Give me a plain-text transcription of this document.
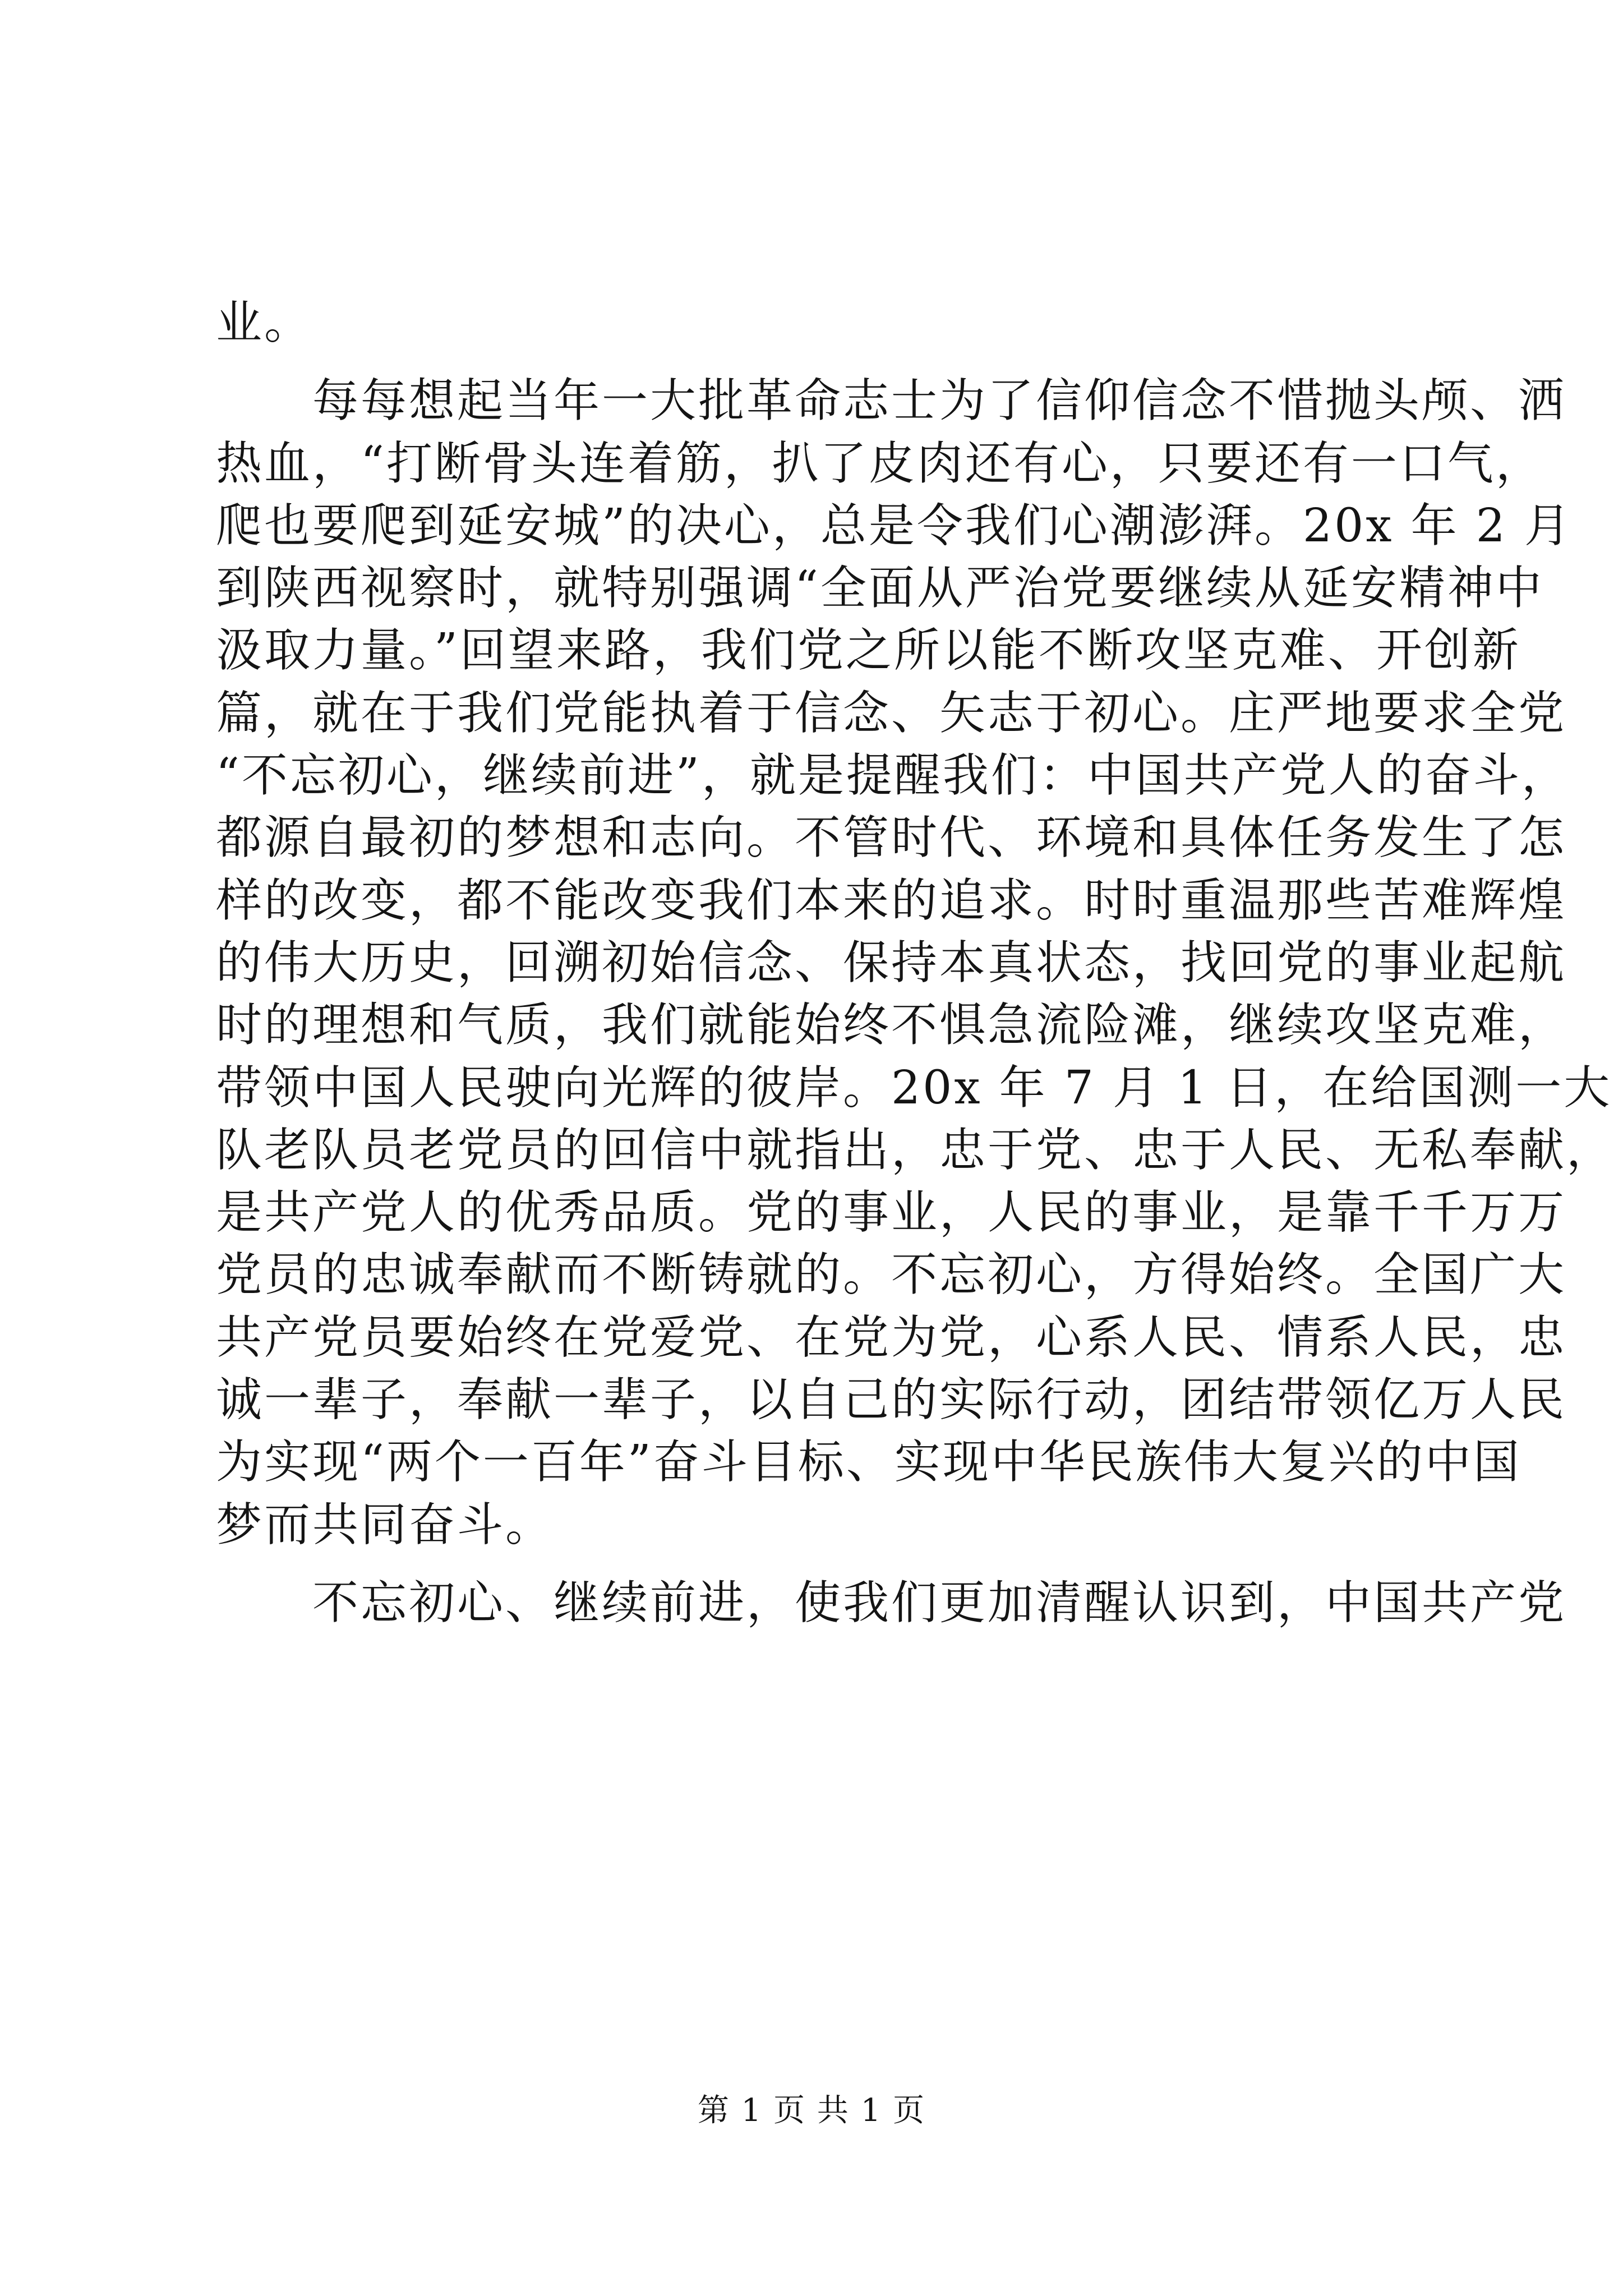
业。
每每想起当年一大批革命志士为了信仰信念不惜抛头颅、洒
热血，“打断骨头连着筋，扒了皮肉还有心，只要还有一口气，
爬也要爬到延安城”的决心，总是令我们心潮澎湃。20x 年 2 月
到陕西视察时，就特别强调“全面从严治党要继续从延安精神中
汲取力量。”回望来路，我们党之所以能不断攻坚克难、开创新
篇，就在于我们党能执着于信念、矢志于初心。庄严地要求全党
“不忘初心，继续前进”，就是提醒我们：中国共产党人的奋斗，
都源自最初的梦想和志向。不管时代、环境和具体任务发生了怎
样的改变，都不能改变我们本来的追求。时时重温那些苦难辉煌
的伟大历史，回溯初始信念、保持本真状态，找回党的事业起航
时的理想和气质，我们就能始终不惧急流险滩，继续攻坚克难，
带领中国人民驶向光辉的彼岸。20x 年 7 月 1 日，在给国测一大
队老队员老党员的回信中就指出，忠于党、忠于人民、无私奉献，
是共产党人的优秀品质。党的事业，人民的事业，是靠千千万万
党员的忠诚奉献而不断铸就的。不忘初心，方得始终。全国广大
共产党员要始终在党爱党、在党为党，心系人民、情系人民，忠
诚一辈子，奉献一辈子，以自己的实际行动，团结带领亿万人民
为实现“两个一百年”奋斗目标、实现中华民族伟大复兴的中国
梦而共同奋斗。
不忘初心、继续前进，使我们更加清醒认识到，中国共产党
第 1 页 共 1 页
